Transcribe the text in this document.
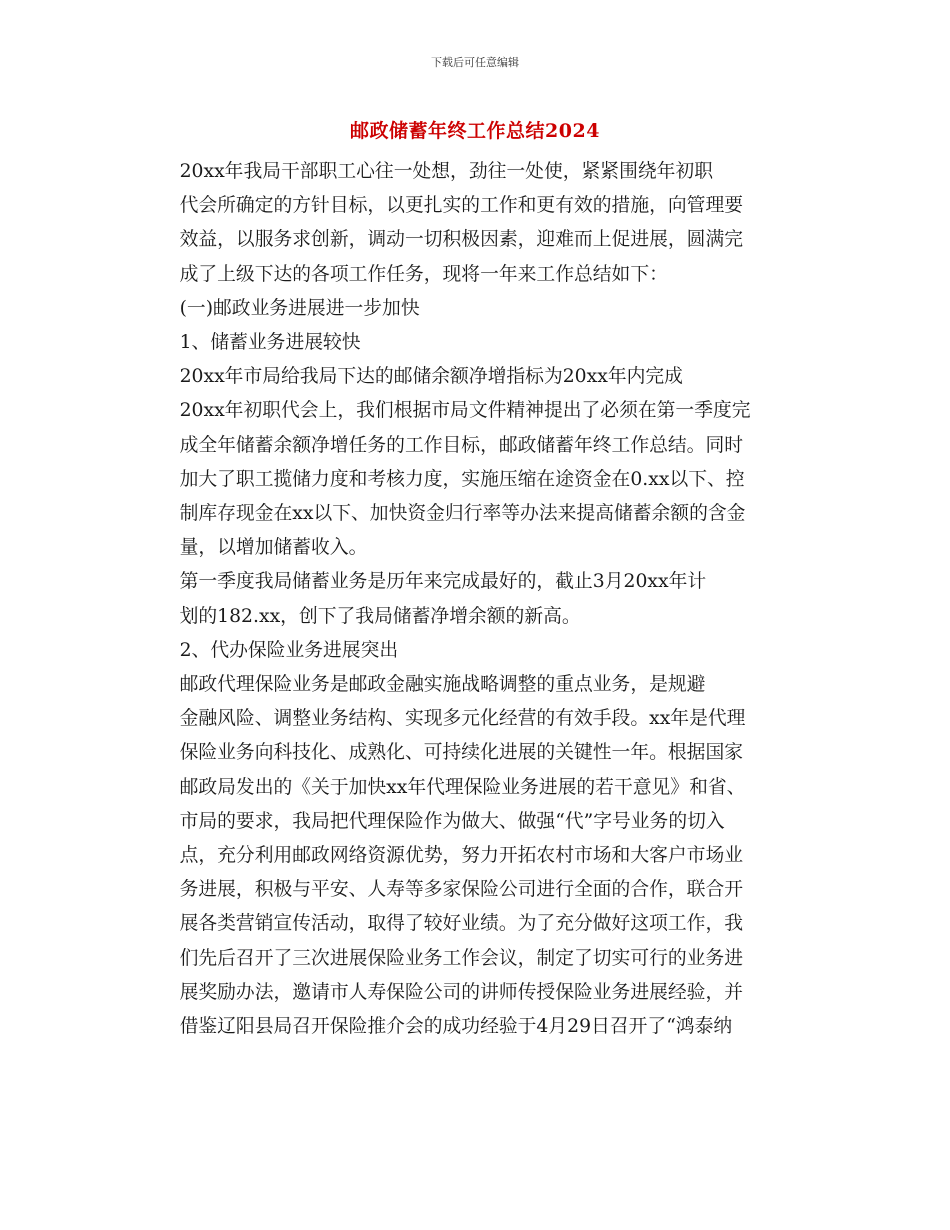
下载后可任意编辑
邮政储蓄年终工作总结2024

20xx年我局干部职工心往一处想，劲往一处使，紧紧围绕年初职
代会所确定的方针目标，以更扎实的工作和更有效的措施，向管理要
效益，以服务求创新，调动一切积极因素，迎难而上促进展，圆满完
成了上级下达的各项工作任务，现将一年来工作总结如下：

(一)邮政业务进展进一步加快

1、储蓄业务进展较快

20xx年市局给我局下达的邮储余额净增指标为20xx年内完成
20xx年初职代会上，我们根据市局文件精神提出了必须在第一季度完
成全年储蓄余额净增任务的工作目标，邮政储蓄年终工作总结。同时
加大了职工揽储力度和考核力度，实施压缩在途资金在0.xx以下、控
制库存现金在xx以下、加快资金归行率等办法来提高储蓄余额的含金
量，以增加储蓄收入。

第一季度我局储蓄业务是历年来完成最好的，截止3月20xx年计
划的182.xx，创下了我局储蓄净增余额的新高。

2、代办保险业务进展突出

邮政代理保险业务是邮政金融实施战略调整的重点业务，是规避
金融风险、调整业务结构、实现多元化经营的有效手段。xx年是代理
保险业务向科技化、成熟化、可持续化进展的关键性一年。根据国家
邮政局发出的《关于加快xx年代理保险业务进展的若干意见》和省、
市局的要求，我局把代理保险作为做大、做强“代”字号业务的切入
点，充分利用邮政网络资源优势，努力开拓农村市场和大客户市场业
务进展，积极与平安、人寿等多家保险公司进行全面的合作，联合开
展各类营销宣传活动，取得了较好业绩。为了充分做好这项工作，我
们先后召开了三次进展保险业务工作会议，制定了切实可行的业务进
展奖励办法，邀请市人寿保险公司的讲师传授保险业务进展经验，并
借鉴辽阳县局召开保险推介会的成功经验于4月29日召开了“鸿泰纳
